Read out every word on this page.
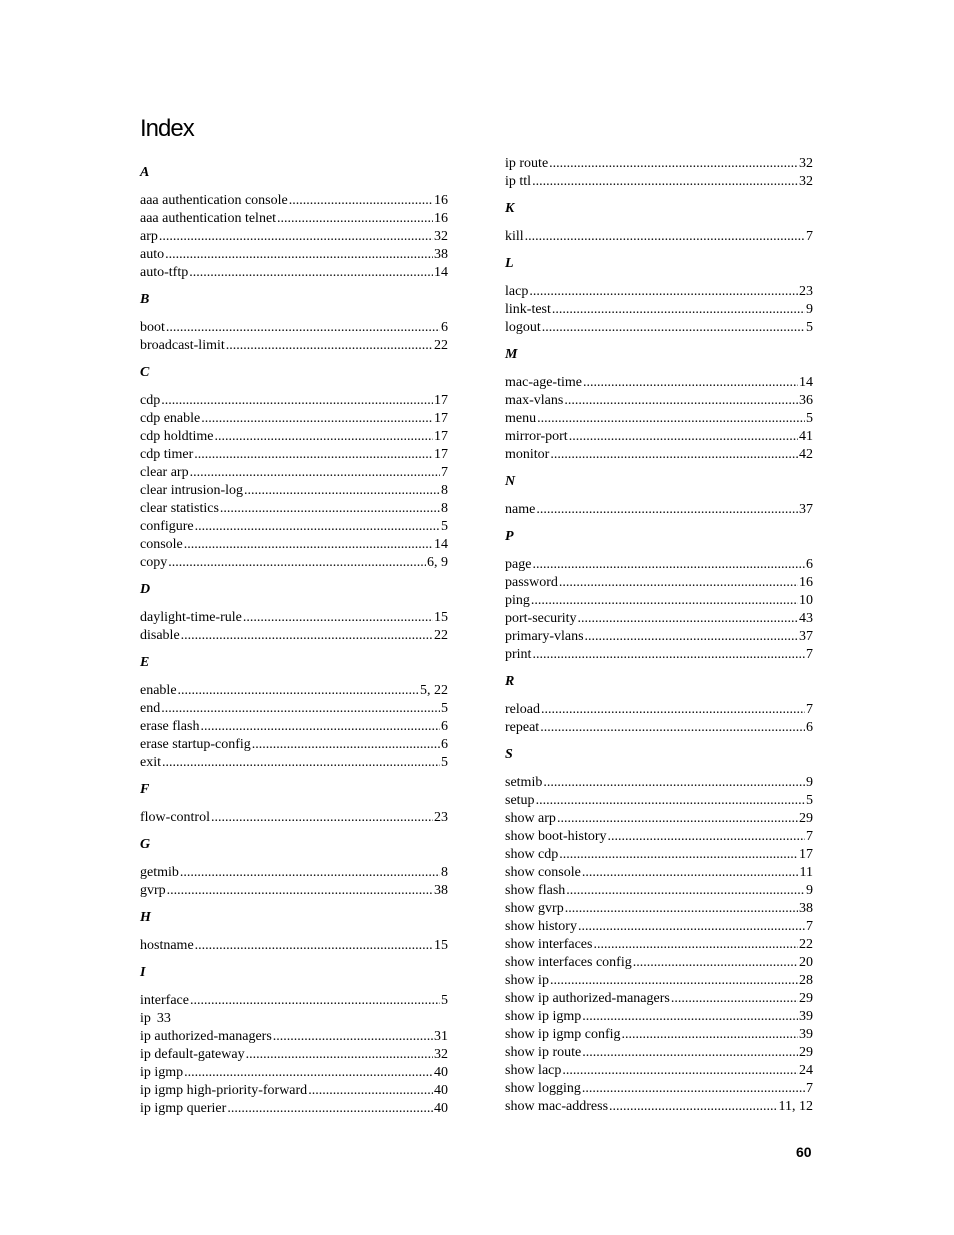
Index
A
aaa authentication console .....	16
aaa authentication telnet .....	16
arp .....	32
auto .....	38
auto-tftp .....	14
B
boot .....	6
broadcast-limit .....	22
C
cdp .....	17
cdp enable .....	17
cdp holdtime .....	17
cdp timer .....	17
clear arp .....	7
clear intrusion-log .....	8
clear statistics .....	8
configure .....	5
console .....	14
copy .....	6, 9
D
daylight-time-rule .....	15
disable .....	22
E
enable .....	5, 22
end .....	5
erase flash .....	6
erase startup-config .....	6
exit .....	5
F
flow-control .....	23
G
getmib .....	8
gvrp .....	38
H
hostname .....	15
I
interface .....	5
ip 33
ip authorized-managers .....	31
ip default-gateway .....	32
ip igmp .....	40
ip igmp high-priority-forward .....	40
ip igmp querier .....	40
ip route .....	32
ip ttl .....	32
K
kill .....	7
L
lacp .....	23
link-test .....	9
logout .....	5
M
mac-age-time .....	14
max-vlans .....	36
menu .....	5
mirror-port .....	41
monitor .....	42
N
name .....	37
P
page .....	6
password .....	16
ping .....	10
port-security .....	43
primary-vlans .....	37
print .....	7
R
reload .....	7
repeat .....	6
S
setmib .....	9
setup .....	5
show arp .....	29
show boot-history .....	7
show cdp .....	17
show console .....	11
show flash .....	9
show gvrp .....	38
show history .....	7
show interfaces .....	22
show interfaces config .....	20
show ip .....	28
show ip authorized-managers .....	29
show ip igmp .....	39
show ip igmp config .....	39
show ip route .....	29
show lacp .....	24
show logging .....	7
show mac-address .....	11, 12
60
